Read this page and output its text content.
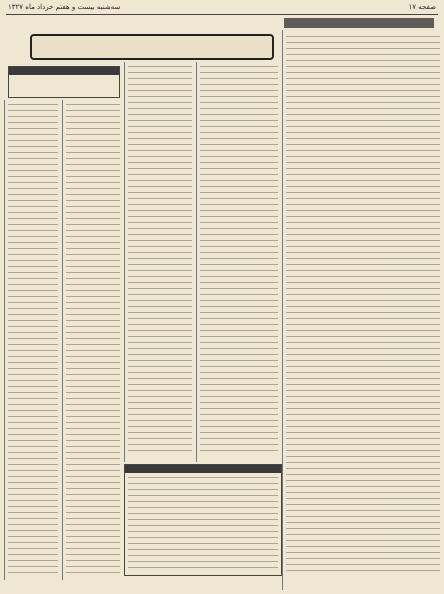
صفحه ۱۷
سه‌شنبه بیست و هفتم خرداد ماه ۱۳۲۷
